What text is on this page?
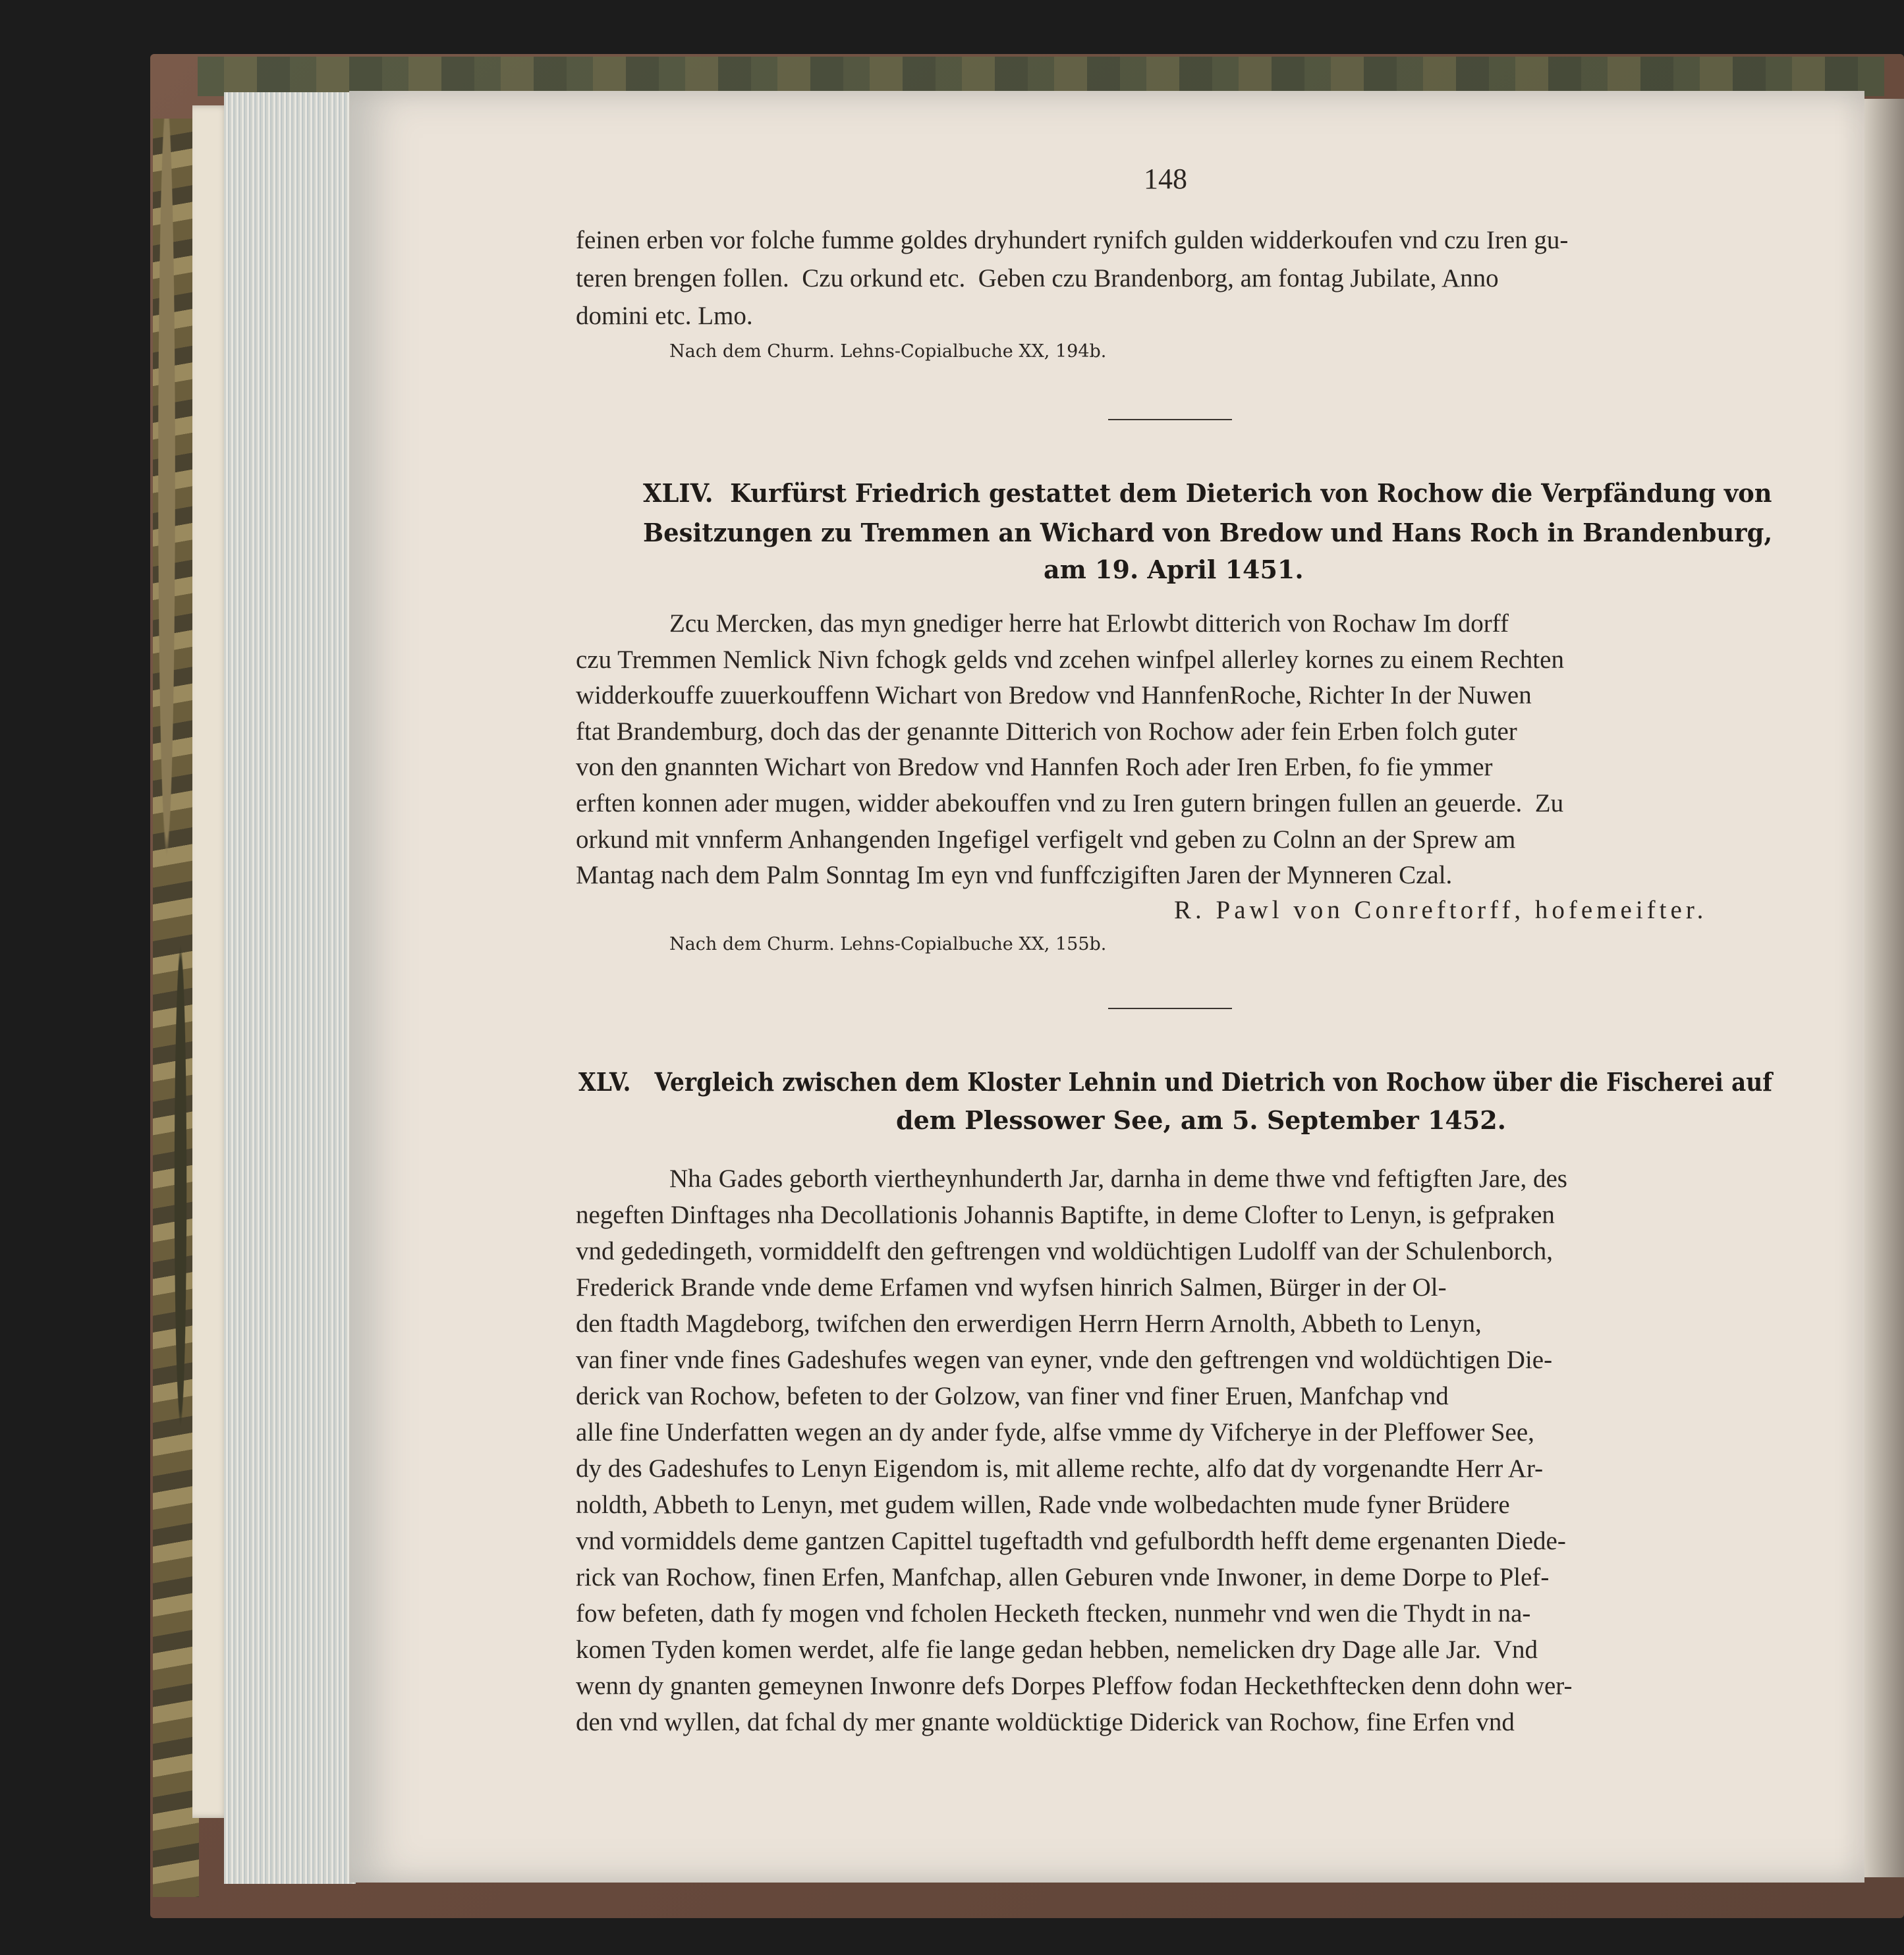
148

feinen erben vor folche fumme goldes dryhundert rynifch gulden widderkoufen vnd czu Iren gu-

teren brengen follen.  Czu orkund etc.  Geben czu Brandenborg, am fontag Jubilate, Anno

domini etc. Lmo.

Nach dem Churm. Lehns-Copialbuche XX, 194b.

XLIV.  Kurfürst Friedrich gestattet dem Dieterich von Rochow die Verpfändung von

Besitzungen zu Tremmen an Wichard von Bredow und Hans Roch in Brandenburg,

am 19. April 1451.

Zcu Mercken, das myn gnediger herre hat Erlowbt ditterich von Rochaw Im dorff

czu Tremmen Nemlick Nivn fchogk gelds vnd zcehen winfpel allerley kornes zu einem Rechten

widderkouffe zuuerkouffenn Wichart von Bredow vnd HannfenRoche, Richter In der Nuwen

ftat Brandemburg, doch das der genannte Ditterich von Rochow ader fein Erben folch guter

von den gnannten Wichart von Bredow vnd Hannfen Roch ader Iren Erben, fo fie ymmer

erften konnen ader mugen, widder abekouffen vnd zu Iren gutern bringen fullen an geuerde.  Zu

orkund mit vnnferm Anhangenden Ingefigel verfigelt vnd geben zu Colnn an der Sprew am

Mantag nach dem Palm Sonntag Im eyn vnd funffczigiften Jaren der Mynneren Czal.

R. Pawl von Conreftorff, hofemeifter.

Nach dem Churm. Lehns-Copialbuche XX, 155b.

XLV.   Vergleich zwischen dem Kloster Lehnin und Dietrich von Rochow über die Fischerei auf

dem Plessower See, am 5. September 1452.

Nha Gades geborth viertheynhunderth Jar, darnha in deme thwe vnd feftigften Jare, des

negeften Dinftages nha Decollationis Johannis Baptifte, in deme Clofter to Lenyn, is gefpraken

vnd gededingeth, vormiddelft den geftrengen vnd woldüchtigen Ludolff van der Schulenborch,

Frederick Brande vnde deme Erfamen vnd wyfsen hinrich Salmen, Bürger in der Ol-

den ftadth Magdeborg, twifchen den erwerdigen Herrn Herrn Arnolth, Abbeth to Lenyn,

van finer vnde fines Gadeshufes wegen van eyner, vnde den geftrengen vnd woldüchtigen Die-

derick van Rochow, befeten to der Golzow, van finer vnd finer Eruen, Manfchap vnd

alle fine Underfatten wegen an dy ander fyde, alfse vmme dy Vifcherye in der Pleffower See,

dy des Gadeshufes to Lenyn Eigendom is, mit alleme rechte, alfo dat dy vorgenandte Herr Ar-

noldth, Abbeth to Lenyn, met gudem willen, Rade vnde wolbedachten mude fyner Brüdere

vnd vormiddels deme gantzen Capittel tugeftadth vnd gefulbordth hefft deme ergenanten Diede-

rick van Rochow, finen Erfen, Manfchap, allen Geburen vnde Inwoner, in deme Dorpe to Plef-

fow befeten, dath fy mogen vnd fcholen Hecketh ftecken, nunmehr vnd wen die Thydt in na-

komen Tyden komen werdet, alfe fie lange gedan hebben, nemelicken dry Dage alle Jar.  Vnd

wenn dy gnanten gemeynen Inwonre defs Dorpes Pleffow fodan Heckethftecken denn dohn wer-

den vnd wyllen, dat fchal dy mer gnante woldücktige Diderick van Rochow, fine Erfen vnd
